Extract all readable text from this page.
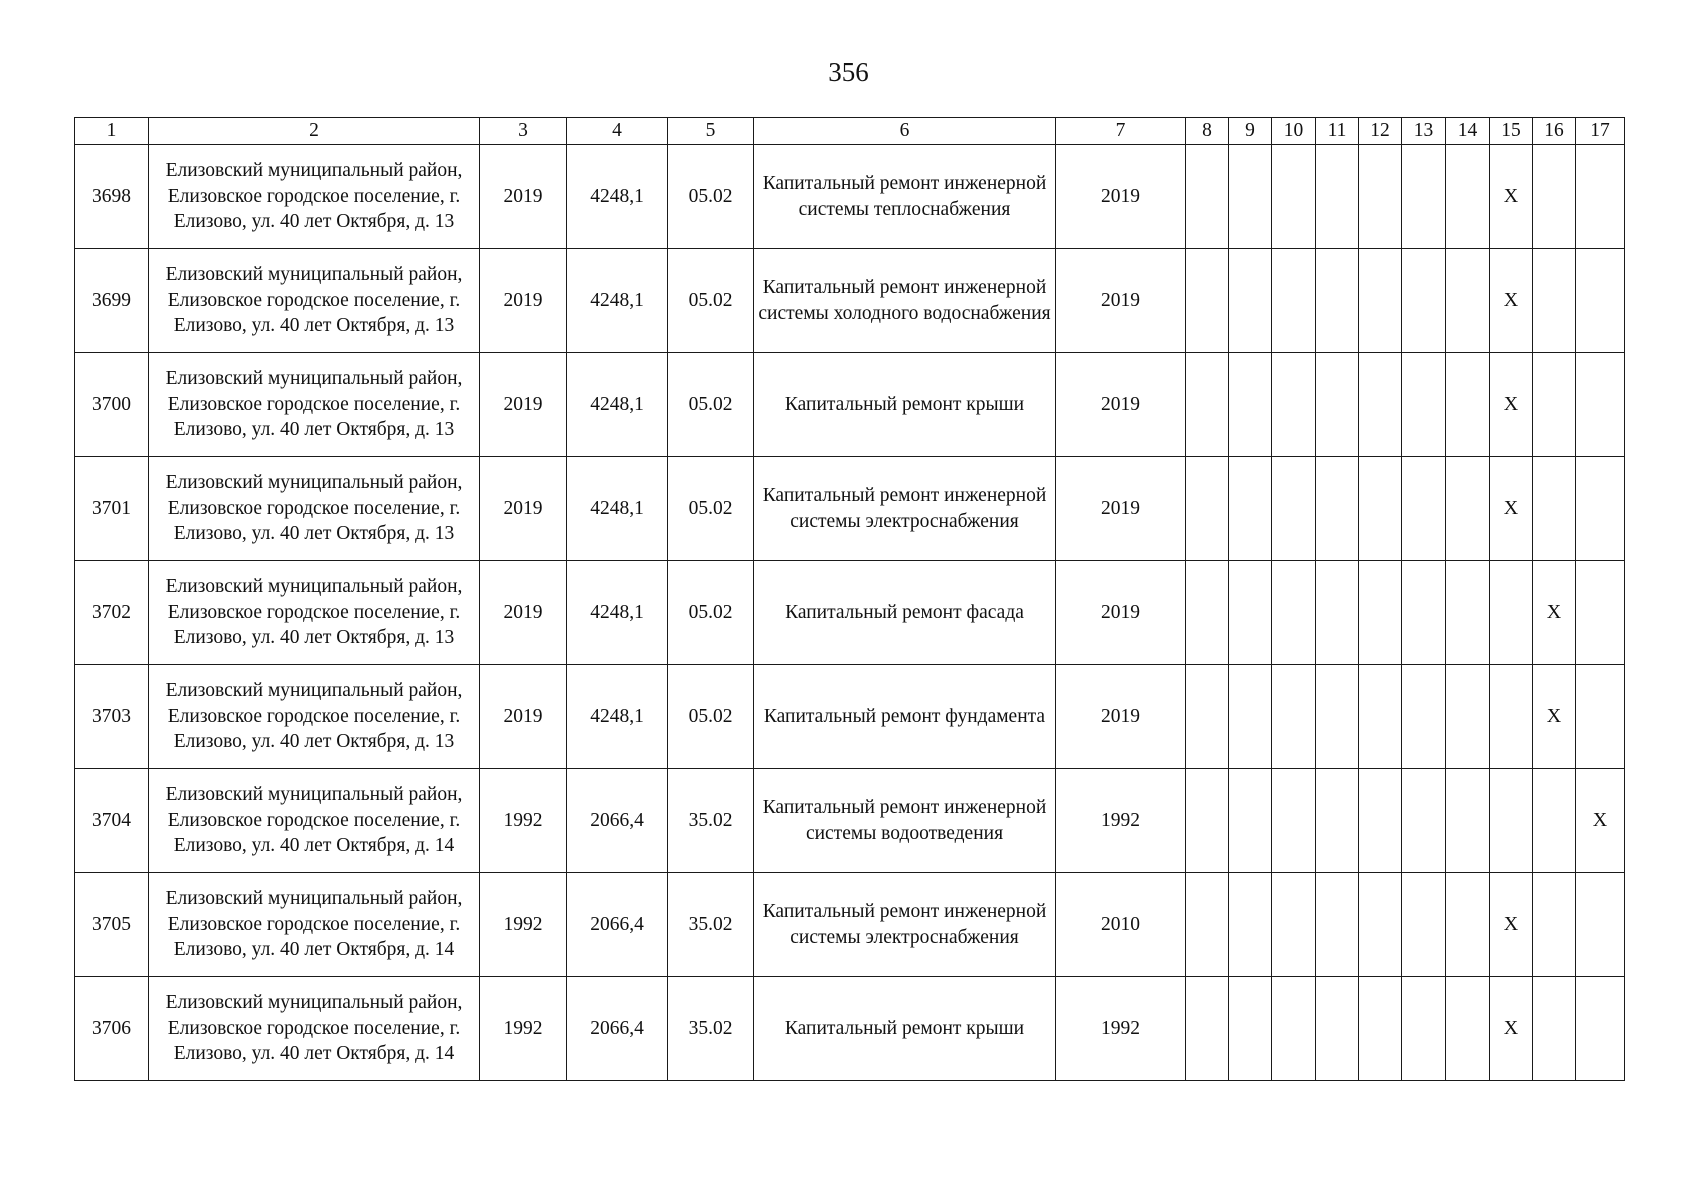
356
1	2	3	4	5	6	7	8	9	10	11	12	13	14	15	16	17
3698	Елизовский муниципальный район, Елизовское городское поселение, г. Елизово, ул. 40 лет Октября, д. 13	2019	4248,1	05.02	Капитальный ремонт инженерной системы теплоснабжения	2019								X		
3699	Елизовский муниципальный район, Елизовское городское поселение, г. Елизово, ул. 40 лет Октября, д. 13	2019	4248,1	05.02	Капитальный ремонт инженерной системы холодного водоснабжения	2019								X		
3700	Елизовский муниципальный район, Елизовское городское поселение, г. Елизово, ул. 40 лет Октября, д. 13	2019	4248,1	05.02	Капитальный ремонт крыши	2019								X		
3701	Елизовский муниципальный район, Елизовское городское поселение, г. Елизово, ул. 40 лет Октября, д. 13	2019	4248,1	05.02	Капитальный ремонт инженерной системы электроснабжения	2019								X		
3702	Елизовский муниципальный район, Елизовское городское поселение, г. Елизово, ул. 40 лет Октября, д. 13	2019	4248,1	05.02	Капитальный ремонт фасада	2019									X	
3703	Елизовский муниципальный район, Елизовское городское поселение, г. Елизово, ул. 40 лет Октября, д. 13	2019	4248,1	05.02	Капитальный ремонт фундамента	2019									X	
3704	Елизовский муниципальный район, Елизовское городское поселение, г. Елизово, ул. 40 лет Октября, д. 14	1992	2066,4	35.02	Капитальный ремонт инженерной системы водоотведения	1992										X
3705	Елизовский муниципальный район, Елизовское городское поселение, г. Елизово, ул. 40 лет Октября, д. 14	1992	2066,4	35.02	Капитальный ремонт инженерной системы электроснабжения	2010								X		
3706	Елизовский муниципальный район, Елизовское городское поселение, г. Елизово, ул. 40 лет Октября, д. 14	1992	2066,4	35.02	Капитальный ремонт крыши	1992								X		
